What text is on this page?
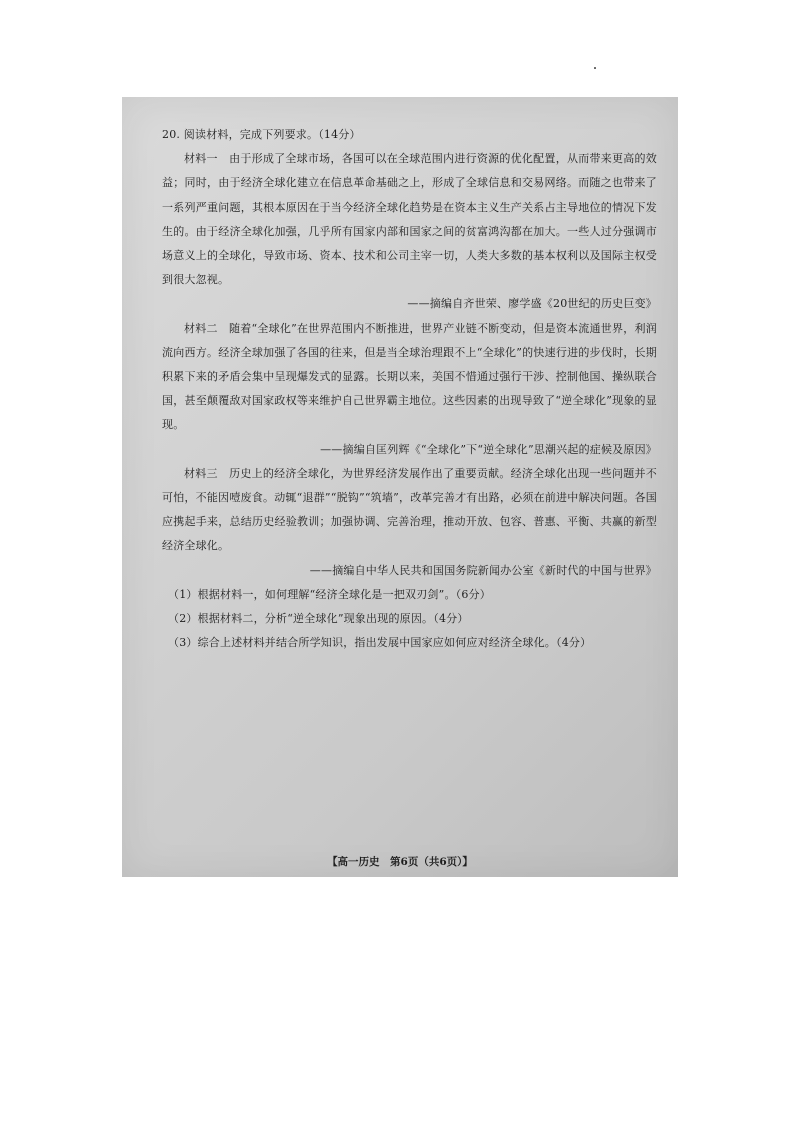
20. 阅读材料，完成下列要求。（14分）

材料一 由于形成了全球市场，各国可以在全球范围内进行资源的优化配置，从而带来更高的效益；同时，由于经济全球化建立在信息革命基础之上，形成了全球信息和交易网络。而随之也带来了一系列严重问题，其根本原因在于当今经济全球化趋势是在资本主义生产关系占主导地位的情况下发生的。由于经济全球化加强，几乎所有国家内部和国家之间的贫富鸿沟都在加大。一些人过分强调市场意义上的全球化，导致市场、资本、技术和公司主宰一切，人类大多数的基本权利以及国际主权受到很大忽视。

——摘编自齐世荣、廖学盛《20世纪的历史巨变》

材料二 随着“全球化”在世界范围内不断推进，世界产业链不断变动，但是资本流通世界，利润流向西方。经济全球加强了各国的往来，但是当全球治理跟不上“全球化”的快速行进的步伐时，长期积累下来的矛盾会集中呈现爆发式的显露。长期以来，美国不惜通过强行干涉、控制他国、操纵联合国，甚至颠覆敌对国家政权等来维护自己世界霸主地位。这些因素的出现导致了“逆全球化”现象的显现。

——摘编自匡列辉《“全球化”下“逆全球化”思潮兴起的症候及原因》

材料三 历史上的经济全球化，为世界经济发展作出了重要贡献。经济全球化出现一些问题并不可怕，不能因噎废食。动辄“退群”“脱钩”“筑墙”，改革完善才有出路，必须在前进中解决问题。各国应携起手来，总结历史经验教训；加强协调、完善治理，推动开放、包容、普惠、平衡、共赢的新型经济全球化。

——摘编自中华人民共和国国务院新闻办公室《新时代的中国与世界》

（1）根据材料一，如何理解“经济全球化是一把双刃剑”。（6分）

（2）根据材料二，分析“逆全球化”现象出现的原因。（4分）

（3）综合上述材料并结合所学知识，指出发展中国家应如何应对经济全球化。（4分）

【高一历史　第6页（共6页）】
